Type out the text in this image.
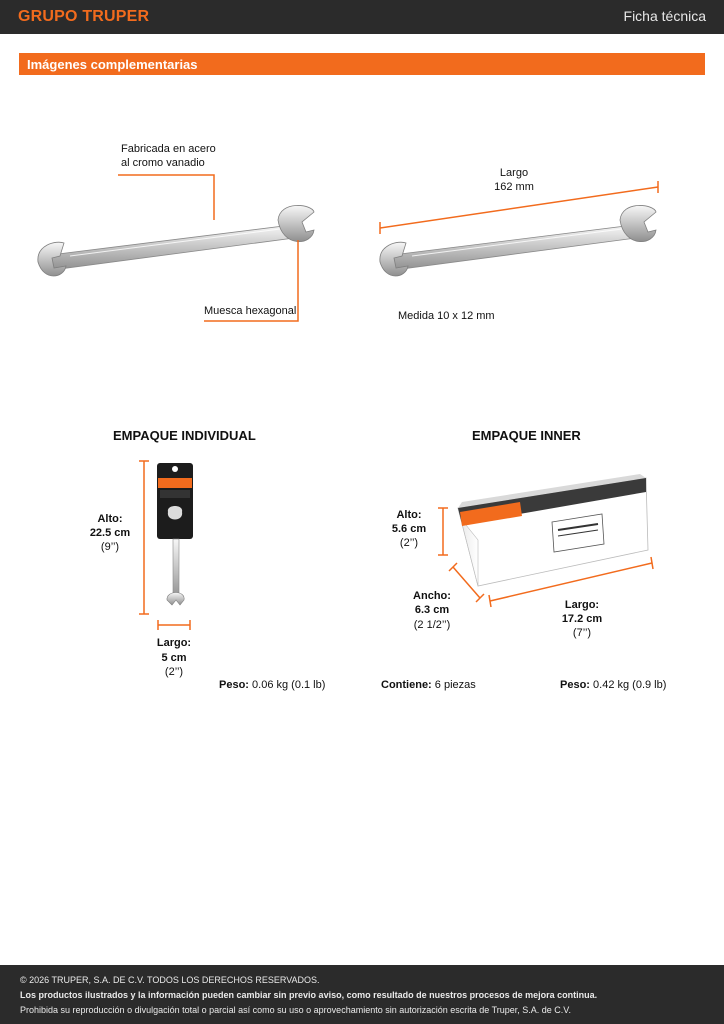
GRUPO TRUPER	Ficha técnica
Imágenes complementarias
Fabricada en acero
al cromo vanadio
Muesca hexagonal
Largo
162 mm
Medida 10 x 12 mm
EMPAQUE INDIVIDUAL
Alto:
22.5 cm
(9’’)
Largo:
5 cm
(2’’)
Peso: 0.06 kg (0.1 lb)
EMPAQUE INNER
Alto:
5.6 cm
(2’’)
Ancho:
6.3 cm
(2 1/2’’)
Largo:
17.2 cm
(7’’)
Contiene: 6 piezas	Peso: 0.42 kg (0.9 lb)
© 2026 TRUPER, S.A. DE C.V. TODOS LOS DERECHOS RESERVADOS.
Los productos ilustrados y la información pueden cambiar sin previo aviso, como resultado de nuestros procesos de mejora continua.
Prohibida su reproducción o divulgación total o parcial así como su uso o aprovechamiento sin autorización escrita de Truper, S.A. de C.V.
